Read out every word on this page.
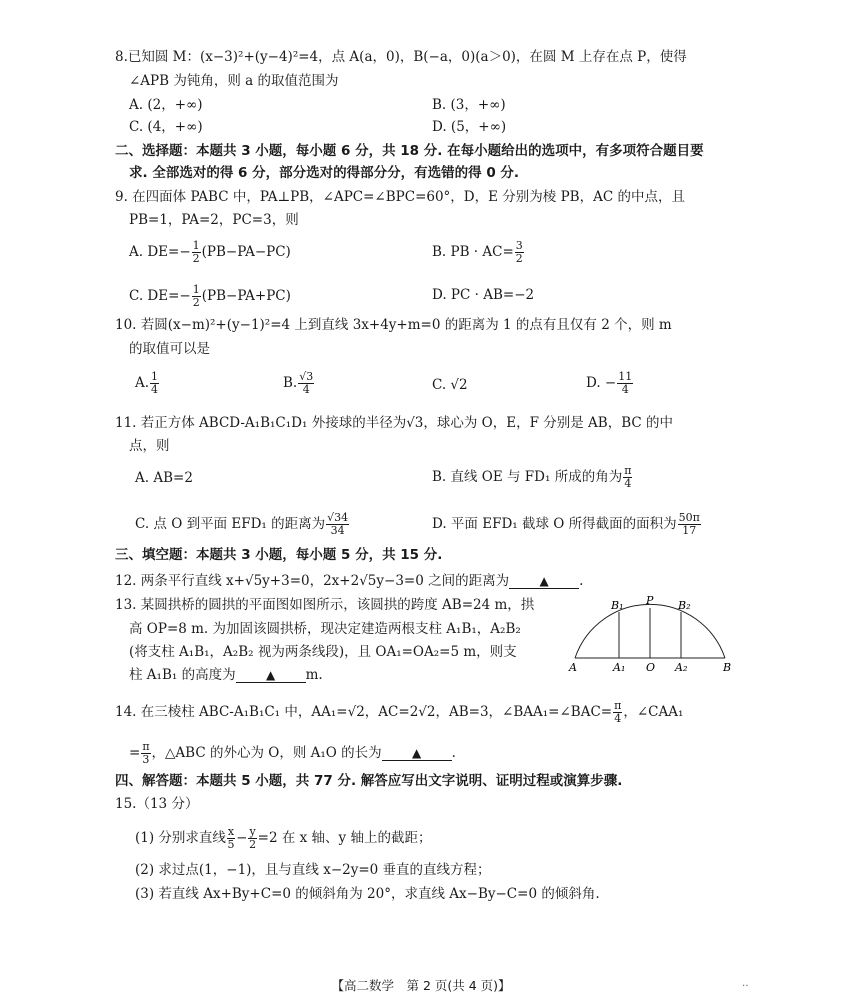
8.已知圆 M：(x−3)²+(y−4)²=4，点 A(a，0)，B(−a，0)(a＞0)，在圆 M 上存在点 P，使得
∠APB 为钝角，则 a 的取值范围为
A. (2，+∞)	B. (3，+∞)
C. (4，+∞)	D. (5，+∞)
二、选择题：本题共 3 小题，每小题 6 分，共 18 分. 在每小题给出的选项中，有多项符合题目要
求. 全部选对的得 6 分，部分选对的得部分分，有选错的得 0 分.
9. 在四面体 PABC 中，PA⊥PB，∠APC=∠BPC=60°，D，E 分别为棱 PB，AC 的中点，且
PB=1，PA=2，PC=3，则
A. $DE=- \frac{1}{2} (PB-PA-PC)$	B. PB · $AC= \frac{3}{2}$
C. $DE=- \frac{1}{2} (PB-PA+PC)$	D. PC · AB=−2
10. 若圆(x−m)²+(y−1)²=4 上到直线 3x+4y+m=0 的距离为 1 的点有且仅有 2 个，则 m
的取值可以是
A. $\frac{1}{4}$	B. $\frac{√3}{4}$	C. √2	D. − $\frac{11}{4}$
11. 若正方体 ABCD-A₁B₁C₁D₁ 外接球的半径为√3，球心为 O，E，F 分别是 AB，BC 的中
点，则
A. AB=2	B. 直线 OE 与 FD₁ 所成的角为 $\frac{\pi}{4}$
C. 点 O 到平面 EFD₁ 的距离为 $\frac{√34}{34}$	D. 平面 EFD₁ 截球 O 所得截面的面积为 $\frac{50\pi}{17}$
三、填空题：本题共 3 小题，每小题 5 分，共 15 分.
12. 两条平行直线 x+√5y+3=0，2x+2√5y−3=0 之间的距离为	▲ .
13. 某圆拱桥的圆拱的平面图如图所示，该圆拱的跨度 AB=24 m，拱
高 OP=8 m. 为加固该圆拱桥，现决定建造两根支柱 A₁B₁，A₂B₂
(将支柱 A₁B₁，A₂B₂ 视为两条线段)，且 OA₁=OA₂=5 m，则支
柱 A₁B₁ 的高度为	▲ m.	A	A₁ O A₂	B
B₁ P B₂
14. 在三棱柱 ABC-A₁B₁C₁ 中，AA₁=√2，AC=2√2，AB=3，∠BAA₁=∠BAC= $\frac{\pi}{4}$ ，∠CAA₁
= $\frac{\pi}{3}$ ，△ABC 的外心为 O，则 A₁O 的长为	▲ .
四、解答题：本题共 5 小题，共 77 分. 解答应写出文字说明、证明过程或演算步骤.
15.（13 分）
(1) 分别求直线 $\frac{x}{5} - \frac{y}{2} =2$ 在 x 轴、y 轴上的截距；
(2) 求过点(1，−1)，且与直线 x−2y=0 垂直的直线方程；
(3) 若直线 Ax+By+C=0 的倾斜角为 20°，求直线 Ax−By−C=0 的倾斜角.
【高二数学　第 2 页(共 4 页)】	‥
